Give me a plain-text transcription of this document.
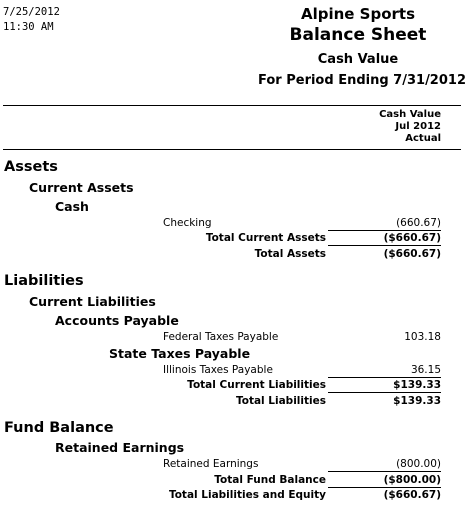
7/25/2012
11:30 AM
Alpine Sports
Balance Sheet
Cash Value
For Period Ending 7/31/2012
Cash Value
Jul 2012
Actual
Assets
Current Assets
Cash
Checking	(660.67)
Total Current Assets	($660.67)
Total Assets	($660.67)
Liabilities
Current Liabilities
Accounts Payable
Federal Taxes Payable	103.18
State Taxes Payable
Illinois Taxes Payable	36.15
Total Current Liabilities	$139.33
Total Liabilities	$139.33
Fund Balance
Retained Earnings
Retained Earnings	(800.00)
Total Fund Balance	($800.00)
Total Liabilities and Equity	($660.67)
